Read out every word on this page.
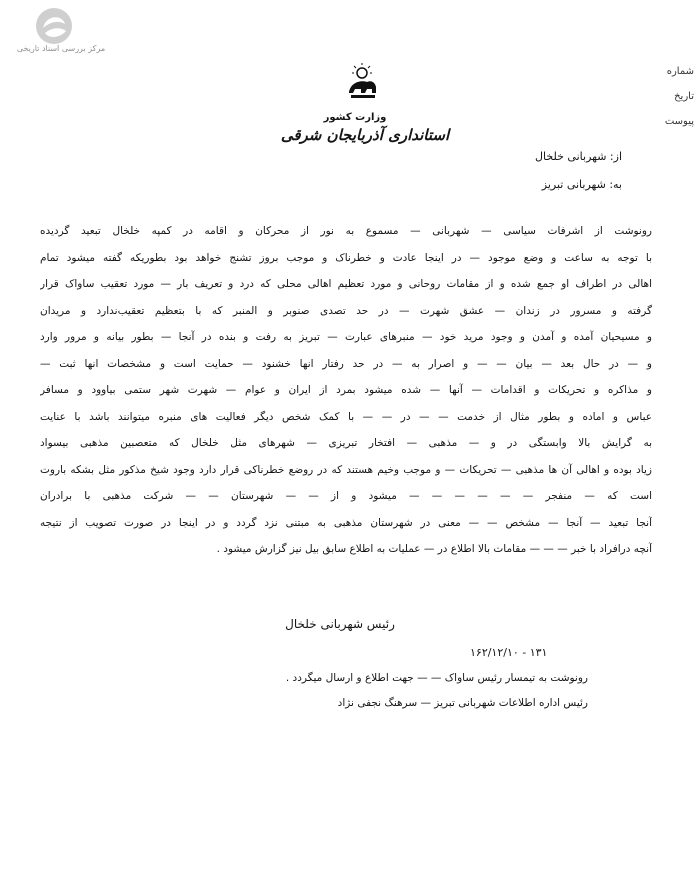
مرکز بررسی اسناد تاریخی
شماره
تاریخ
پیوست
وزارت کشور
استانداری آذربایجان شرقی
از: شهربانی خلخال
به: شهربانی تبریز
رونوشت از اشرفات سیاسی — شهربانی — مسموع به نور از محرکان و اقامه در کمپه خلخال تبعید گردیده
با توجه به ساعت و وضع موجود — در اینجا عادت و خطرناک و موجب بروز تشنج خواهد بود بطوریکه گفته میشود تمام
اهالی در اطراف او جمع شده و از مقامات روحانی و مورد تعظیم اهالی محلی که درد و تعریف بار — مورد تعقیب ساواک قرار
گرفته و مسرور در زندان — عشق شهرت — در حد تصدی صنوبر و المنبر که با بتعظیم تعقیب‌ندارد و مریدان
و مسیحیان آمده و آمدن و وجود مرید خود — منبرهای عبارت — تبریز به رفت و بنده در آنجا — بطور بیانه و مرور وارد
و — در حال بعد — بیان — — و اصرار به — در حد رفتار انها خشنود — حمایت است و مشخصات انها ثبت —
و مذاکره و تحریکات و اقدامات — آنها — شده میشود بمرد از ایران و عوام — شهرت شهر ستمی بیاوود و مسافر
عباس و اماده و بطور مثال از خدمت — — در — — با کمک شخص دیگر فعالیت های منبره میتوانند باشد با عنایت
به گرایش بالا وابستگی در و — مذهبی — افتخار تبریزی — شهرهای مثل خلخال که متعصبین مذهبی بیسواد
زیاد بوده و اهالی آن ها مذهبی — تحریکات — و موجب وخیم هستند که در روضع خطرناکی قرار دارد وجود شیخ مذکور مثل بشکه باروت
است که — منفجر — — — — — — میشود و از — — شهرستان — — شرکت مذهبی با برادران
آنجا تبعید — آنجا — مشخص — — معنی در شهرستان مذهبی به مبتنی نزد گردد و در اینجا در صورت تصویب از نتیجه
آنچه درافراد با خبر — — — مقامات بالا اطلاع در — عملیات به اطلاع سابق بیل نیز گزارش میشود .
رئیس شهربانی خلخال
۱۶۲/۱۲/۱۰ - ۱۳۱
رونوشت به تیمسار رئیس ساواک — — جهت اطلاع و ارسال میگردد .
رئیس اداره اطلاعات شهربانی تبریز — سرهنگ نجفی نژاد
